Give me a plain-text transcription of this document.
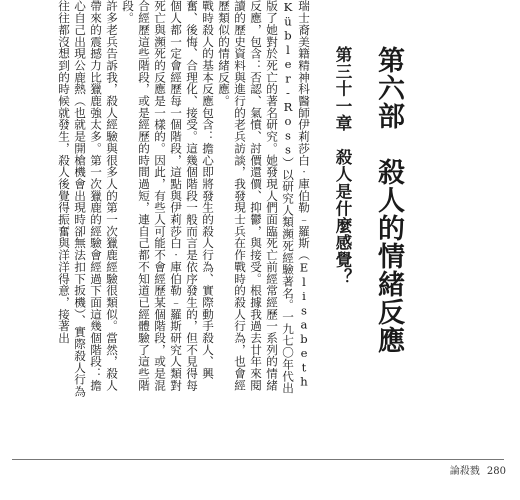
第六部　殺人的情緒反應
第三十一章　殺人是什麼感覺？

瑞士裔美籍精神科醫師伊莉莎白‧庫伯勒﹣羅斯（Elisabeth Kübler-Ross）以研究人類瀕死經驗著名。一九七〇年代出版了她對於死亡的著名研究。她發現人們面臨死亡前經常經歷一系列的情緒反應，包含：否認、氣憤、討價還價、抑鬱，與接受。根據我過去廿年來閱讀的歷史資料與進行的老兵訪談，我發現士兵在作戰時的殺人行為，也會經歷類似的情緒反應。

戰時殺人的基本反應包含：擔心即將發生的殺人行為、實際動手殺人、興奮、後悔、合理化、接受。這幾個階段一般而言是依序發生的，但不見得每個人都一定會經歷每一個階段，這點與伊莉莎白‧庫伯勒﹣羅斯研究人類對死亡與瀕死的反應是一樣的。因此，有些人可能不會經歷某個階段，或是混合經歷這些階段，或是經歷的時間過短，連自己都不知道已經體驗了這些階段。

許多老兵告訴我，殺人經驗與很多人的第一次獵鹿經驗很類似。當然，殺人帶來的震撼力比獵鹿強太多。第一次獵鹿的經驗會經過下面這幾個階段：擔心自己出現公鹿熱（也就是開槍機會出現時卻無法扣下扳機）、實際殺人行為往往都沒想到的時候就發生，殺人後覺得振奮與洋洋得意，接著出

論殺戮 280
